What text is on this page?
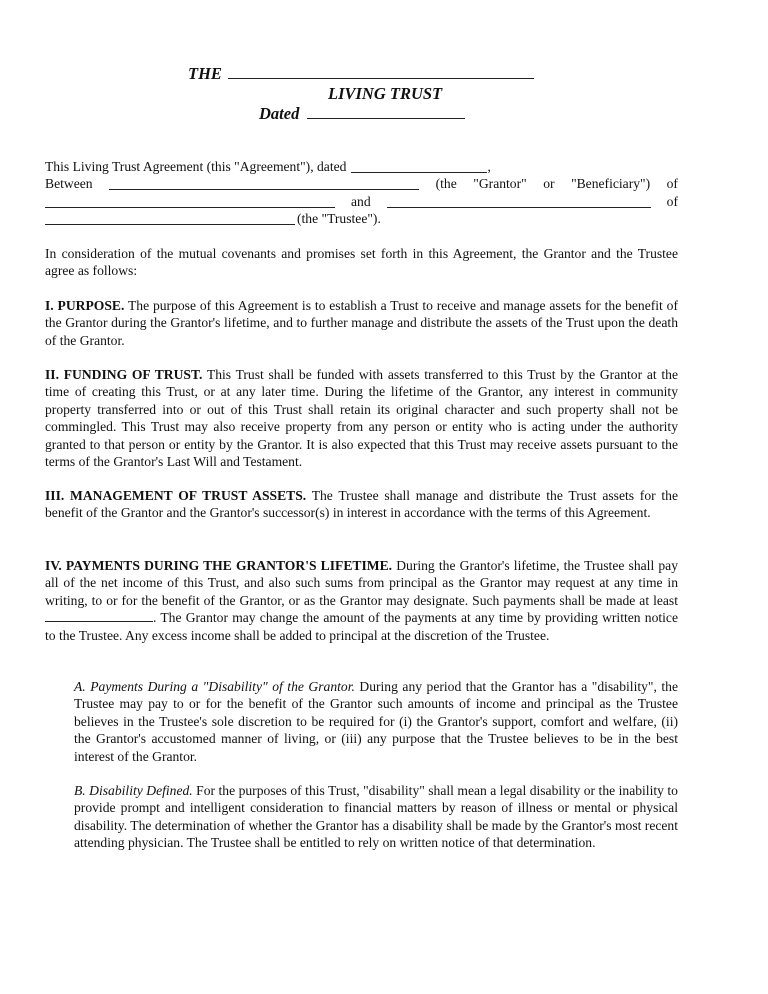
THE
LIVING TRUST
Dated
This Living Trust Agreement (this "Agreement"), dated	,
Between	(the "Grantor" or "Beneficiary") of
and	of
(the "Trustee").
In consideration of the mutual covenants and promises set forth in this Agreement, the Grantor and the Trustee agree as follows:
I. PURPOSE. The purpose of this Agreement is to establish a Trust to receive and manage assets for the benefit of the Grantor during the Grantor's lifetime, and to further manage and distribute the assets of the Trust upon the death of the Grantor.
II. FUNDING OF TRUST. This Trust shall be funded with assets transferred to this Trust by the Grantor at the time of creating this Trust, or at any later time. During the lifetime of the Grantor, any interest in community property transferred into or out of this Trust shall retain its original character and such property shall not be commingled. This Trust may also receive property from any person or entity who is acting under the authority granted to that person or entity by the Grantor. It is also expected that this Trust may receive assets pursuant to the terms of the Grantor's Last Will and Testament.
III. MANAGEMENT OF TRUST ASSETS. The Trustee shall manage and distribute the Trust assets for the benefit of the Grantor and the Grantor's successor(s) in interest in accordance with the terms of this Agreement.
IV. PAYMENTS DURING THE GRANTOR'S LIFETIME. During the Grantor's lifetime, the Trustee shall pay all of the net income of this Trust, and also such sums from principal as the Grantor may request at any time in writing, to or for the benefit of the Grantor, or as the Grantor may designate. Such payments shall be made at least . The Grantor may change the amount of the payments at any time by providing written notice to the Trustee. Any excess income shall be added to principal at the discretion of the Trustee.
A. Payments During a "Disability" of the Grantor. During any period that the Grantor has a "disability", the Trustee may pay to or for the benefit of the Grantor such amounts of income and principal as the Trustee believes in the Trustee's sole discretion to be required for (i) the Grantor's support, comfort and welfare, (ii) the Grantor's accustomed manner of living, or (iii) any purpose that the Trustee believes to be in the best interest of the Grantor.
B. Disability Defined. For the purposes of this Trust, "disability" shall mean a legal disability or the inability to provide prompt and intelligent consideration to financial matters by reason of illness or mental or physical disability. The determination of whether the Grantor has a disability shall be made by the Grantor's most recent attending physician. The Trustee shall be entitled to rely on written notice of that determination.
